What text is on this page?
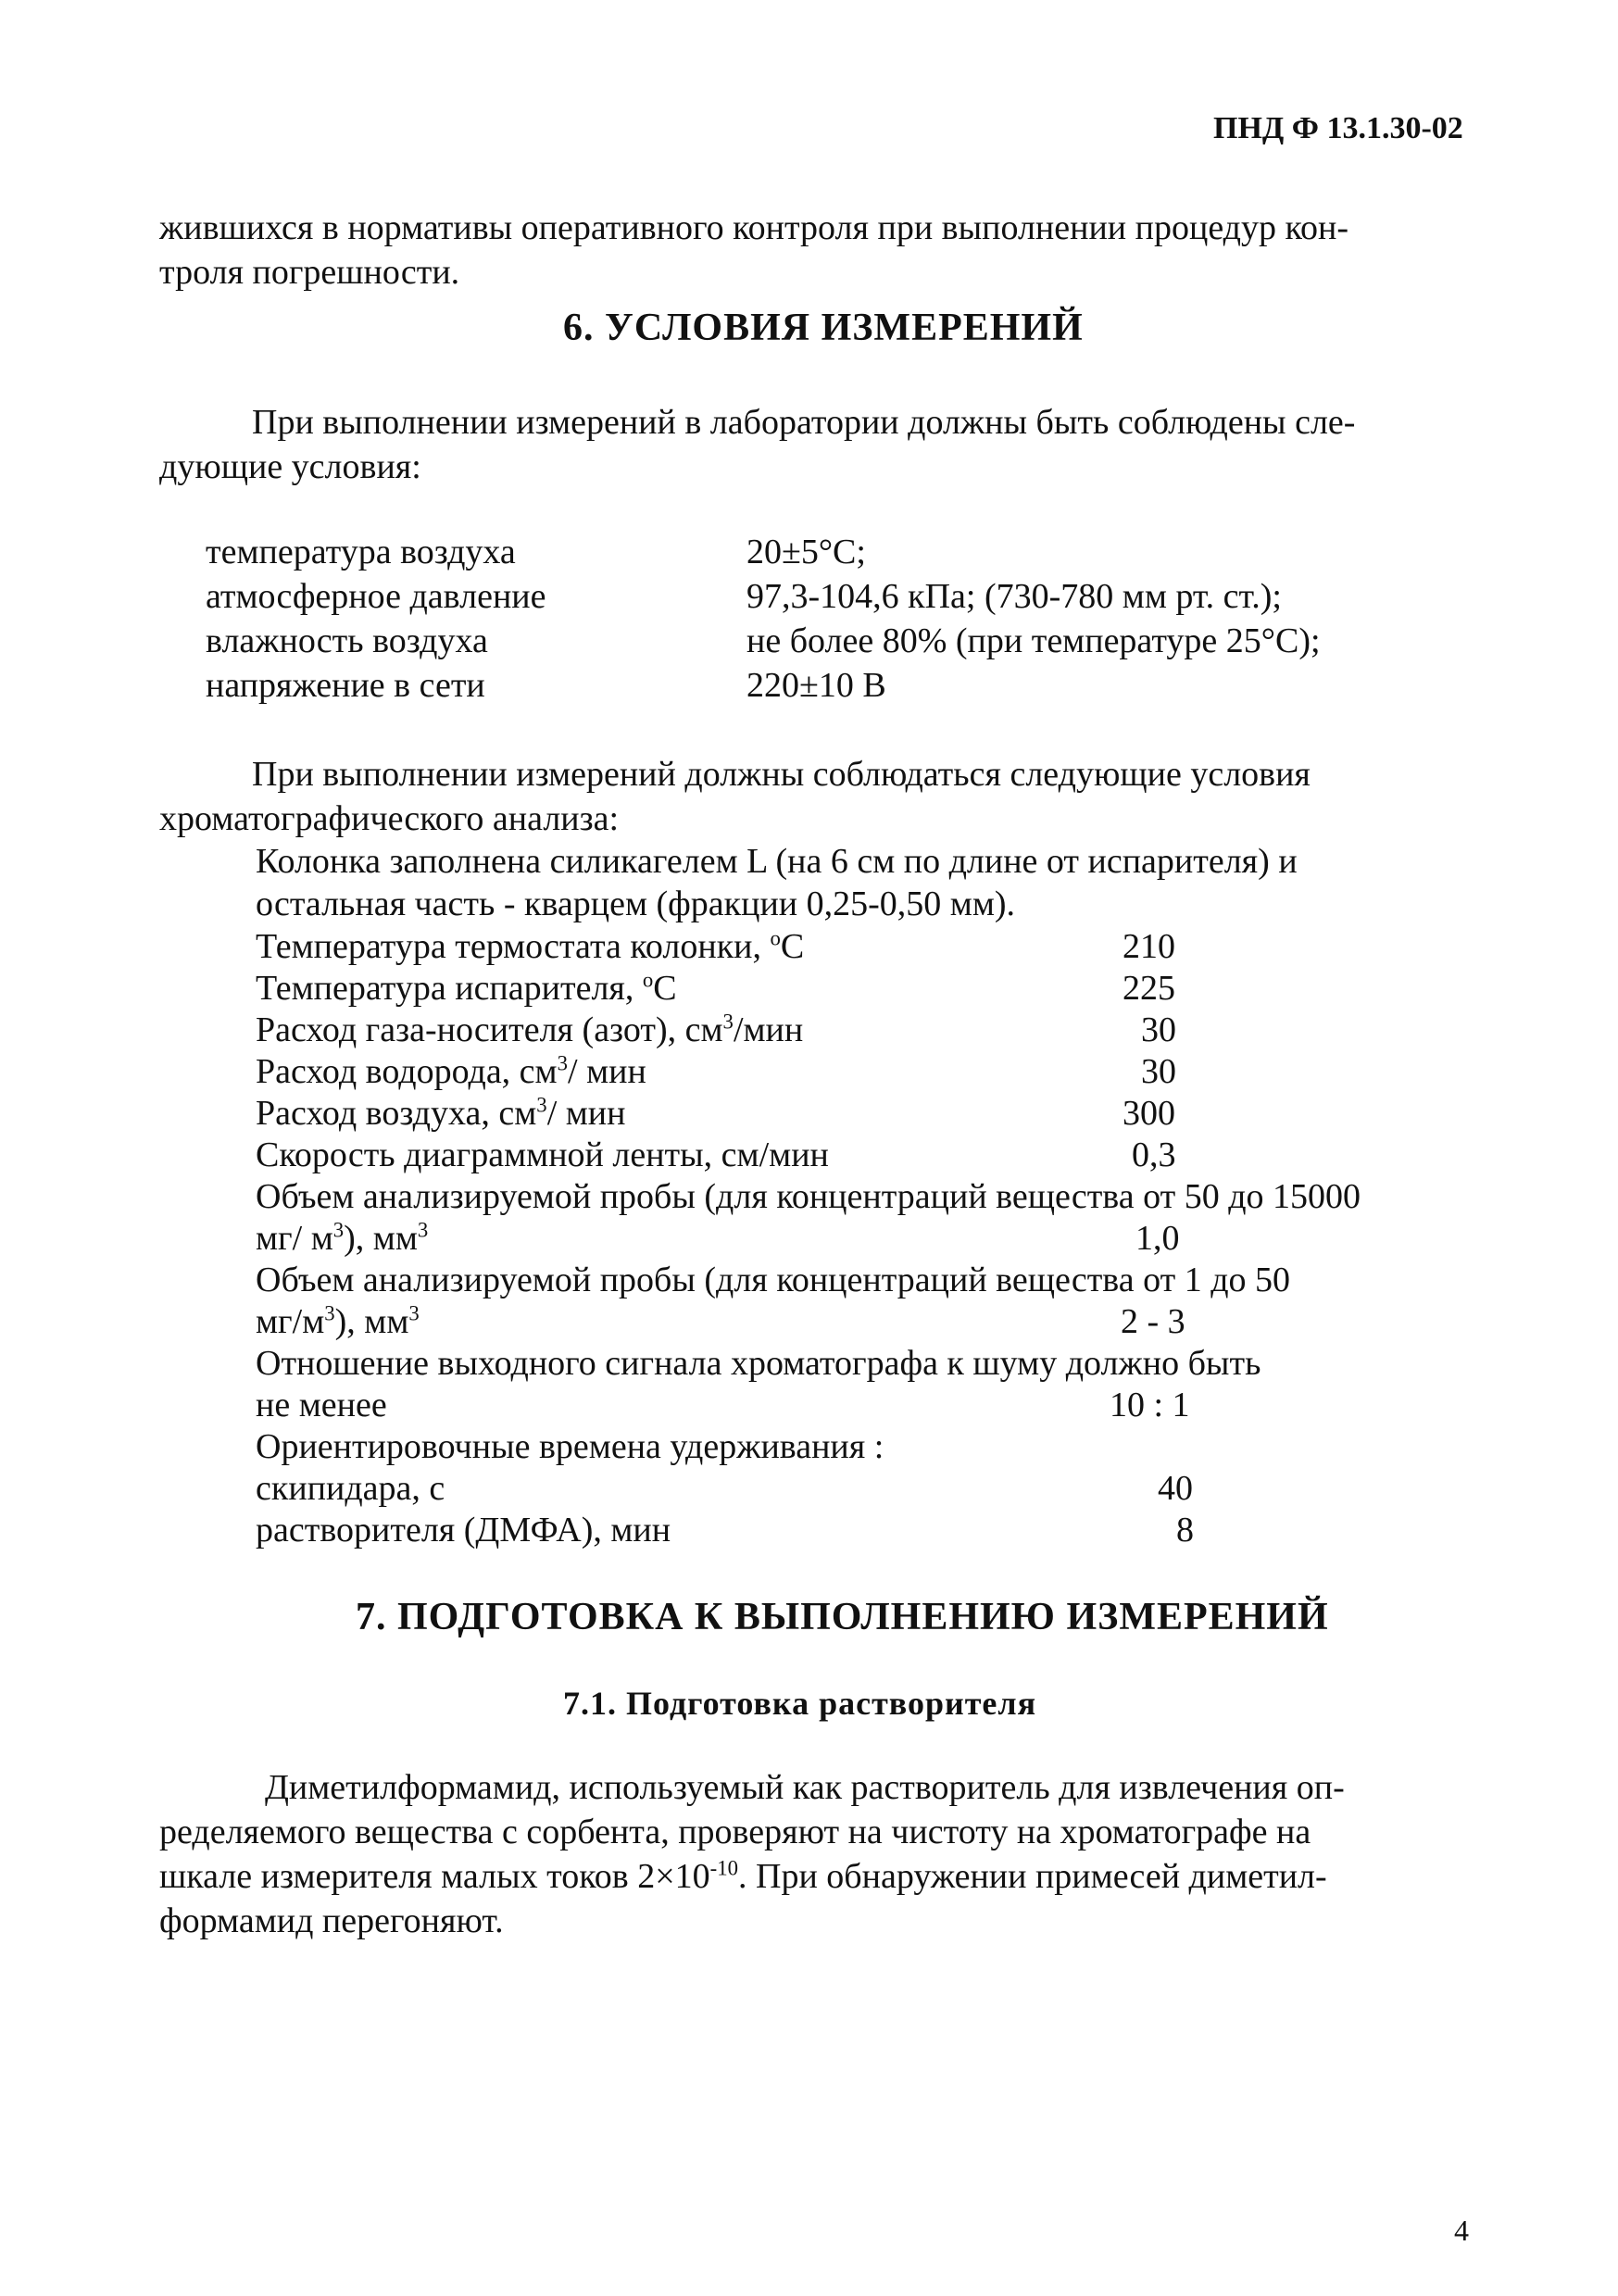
ПНД Ф 13.1.30-02
жившихся в нормативы оперативного контроля при выполнении процедур кон-
троля погрешности.
6. УСЛОВИЯ ИЗМЕРЕНИЙ
При выполнении измерений в лаборатории должны быть соблюдены сле-
дующие условия:
температура воздуха	20±5°С;
атмосферное давление	97,3-104,6 кПа; (730-780 мм рт. ст.);
влажность воздуха	не более 80% (при температуре 25°С);
напряжение в сети	220±10 В
При выполнении измерений должны соблюдаться следующие условия
хроматографического анализа:
Колонка заполнена силикагелем L (на 6 см по длине от испарителя) и
остальная часть - кварцем (фракции 0,25-0,50 мм).
Температура термостата колонки, $^о$С	210
Температура испарителя, $^о$С	225
Расход газа-носителя (азот), $см^3$/мин	30
Расход водорода, $см^3/$ мин	30
Расход воздуха, $см^3/$ мин	300
Скорость диаграммной ленты, см/мин	0,3
Объем анализируемой пробы (для концентраций вещества от 50 до 15000
мг/ $м^3$), $мм^3$	1,0
Объем анализируемой пробы (для концентраций вещества от 1 до 50
$мг/м^3$), $мм^3$	2 - 3
Отношение выходного сигнала хроматографа к шуму должно быть
не менее	10 : 1
Ориентировочные времена удерживания :
скипидара, с	40
растворителя (ДМФА), мин	8
7. ПОДГОТОВКА К ВЫПОЛНЕНИЮ ИЗМЕРЕНИЙ
7.1. Подготовка растворителя
Диметилформамид, используемый как растворитель для извлечения оп-
ределяемого вещества с сорбента, проверяют на чистоту на хроматографе на
шкале измерителя малых токов $2\times 10^{-10}$. При обнаружении примесей диметил-
формамид перегоняют.
4
